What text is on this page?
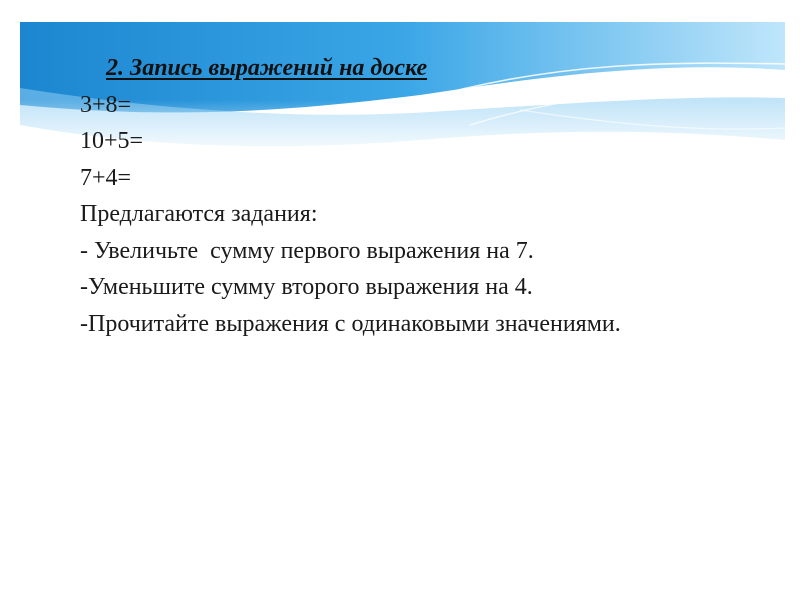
2. Запись выражений на доске
3+8=
10+5=
7+4=
Предлагаются задания:
- Увеличьте  сумму первого выражения на 7.
-Уменьшите сумму второго выражения на 4.
-Прочитайте выражения с одинаковыми значениями.
